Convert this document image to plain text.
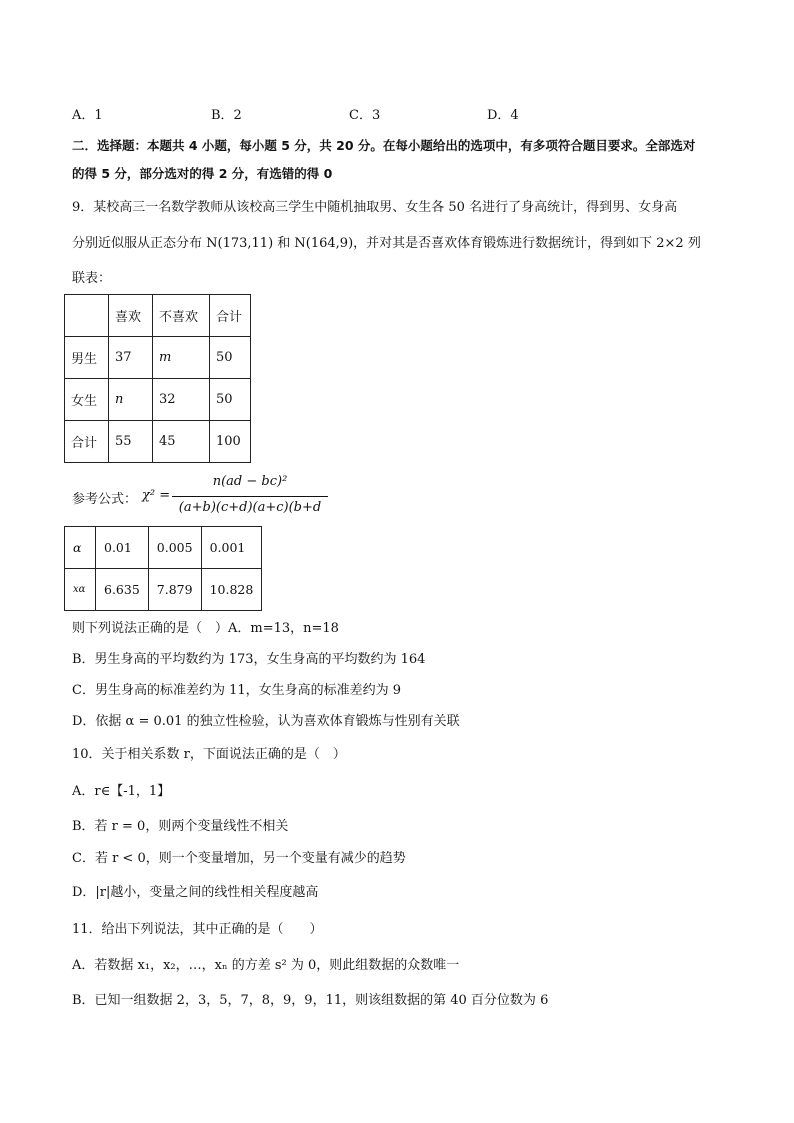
A．1	B．2	C．3	D．4
二．选择题：本题共 4 小题，每小题 5 分，共 20 分。在每小题给出的选项中，有多项符合题目要求。全部选对
的得 5 分，部分选对的得 2 分，有选错的得 0
9．某校高三一名数学教师从该校高三学生中随机抽取男、女生各 50 名进行了身高统计，得到男、女身高
分别近似服从正态分布 N(173,11) 和 N(164,9)，并对其是否喜欢体育锻炼进行数据统计，得到如下 2×2 列
联表：
	喜欢	不喜欢	合计
男生	37	m	50
女生	n	32	50
合计	55	45	100
参考公式： χ² =
n(ad − bc)²
(a+b)(c+d)(a+c)(b+d
α	0.01	0.005	0.001
xα	6.635	7.879	10.828
则下列说法正确的是（　）A．m=13，n=18
B．男生身高的平均数约为 173，女生身高的平均数约为 164
C．男生身高的标准差约为 11，女生身高的标准差约为 9
D．依据 α = 0.01 的独立性检验，认为喜欢体育锻炼与性别有关联
10．关于相关系数 r，下面说法正确的是（　）
A．r∈【-1，1】
B．若 r = 0，则两个变量线性不相关
C．若 r < 0，则一个变量增加，另一个变量有减少的趋势
D．|r|越小，变量之间的线性相关程度越高
11．给出下列说法，其中正确的是（　　）
A．若数据 x₁，x₂，…，xₙ 的方差 s² 为 0，则此组数据的众数唯一
B．已知一组数据 2，3，5，7，8，9，9，11，则该组数据的第 40 百分位数为 6
